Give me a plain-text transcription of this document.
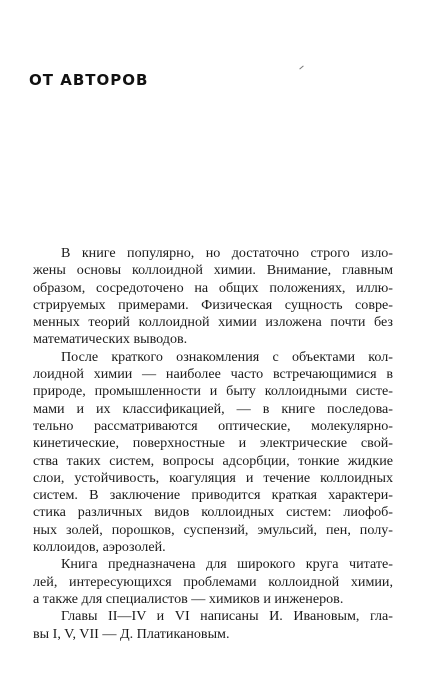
ОТ АВТОРОВ

В книге популярно, но достаточно строго изло-
жены основы коллоидной химии. Внимание, главным
образом, сосредоточено на общих положениях, иллю-
стрируемых примерами. Физическая сущность совре-
менных теорий коллоидной химии изложена почти без
математических выводов.

После краткого ознакомления с объектами кол-
лоидной химии — наиболее часто встречающимися в
природе, промышленности и быту коллоидными систе-
мами и их классификацией, — в книге последова-
тельно рассматриваются оптические, молекулярно-
кинетические, поверхностные и электрические свой-
ства таких систем, вопросы адсорбции, тонкие жидкие
слои, устойчивость, коагуляция и течение коллоидных
систем. В заключение приводится краткая характери-
стика различных видов коллоидных систем: лиофоб-
ных золей, порошков, суспензий, эмульсий, пен, полу-
коллоидов, аэрозолей.

Книга предназначена для широкого круга читате-
лей, интересующихся проблемами коллоидной химии,
а также для специалистов — химиков и инженеров.

Главы II—IV и VI написаны И. Ивановым, гла-
вы I, V, VII — Д. Платикановым.
